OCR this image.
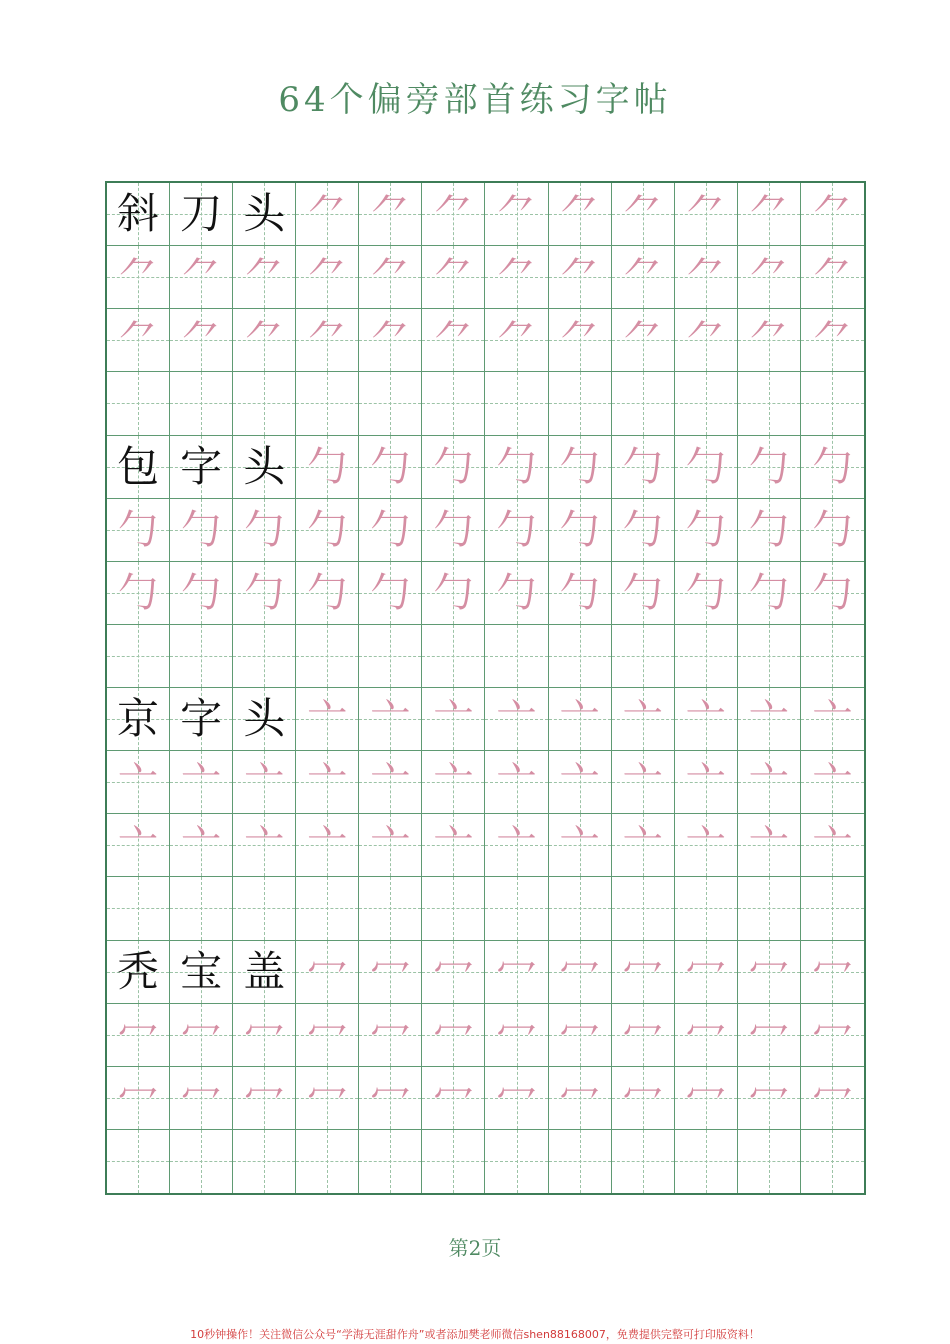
64个偏旁部首练习字帖
斜 刀 头 ⺈ ⺈ ⺈ ⺈ ⺈ ⺈ ⺈ ⺈ ⺈
⺈ ⺈ ⺈ ⺈ ⺈ ⺈ ⺈ ⺈ ⺈ ⺈ ⺈ ⺈
⺈ ⺈ ⺈ ⺈ ⺈ ⺈ ⺈ ⺈ ⺈ ⺈ ⺈ ⺈
包 字 头 勹 勹 勹 勹 勹 勹 勹 勹 勹
勹 勹 勹 勹 勹 勹 勹 勹 勹 勹 勹 勹
勹 勹 勹 勹 勹 勹 勹 勹 勹 勹 勹 勹
京 字 头 亠 亠 亠 亠 亠 亠 亠 亠 亠
亠 亠 亠 亠 亠 亠 亠 亠 亠 亠 亠 亠
亠 亠 亠 亠 亠 亠 亠 亠 亠 亠 亠 亠
秃 宝 盖 冖 冖 冖 冖 冖 冖 冖 冖 冖
冖 冖 冖 冖 冖 冖 冖 冖 冖 冖 冖 冖
冖 冖 冖 冖 冖 冖 冖 冖 冖 冖 冖 冖
第2页
10秒钟操作！关注微信公众号“学海无涯甜作舟”或者添加樊老师微信shen88168007，免费提供完整可打印版资料！
